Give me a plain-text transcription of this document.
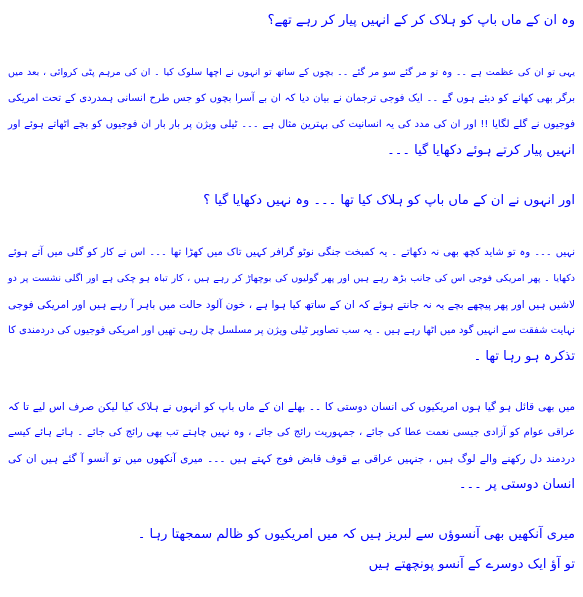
وہ ان کے ماں باپ کو ہلاک کر کے انہیں پیار کر رہے تھے؟
یہی تو ان کی عظمت ہے ۔۔ وہ تو مر گئے سو مر گئے ۔۔ بچوں کے ساتھ تو انہوں نے اچھا سلوک کیا ۔ ان کی مرہم پٹی کروائی ، بعد میں
برگر بھی کھانے کو دیئے ہوں گے ۔۔ ایک فوجی ترجمان نے بیان دیا کہ ان بے آسرا بچوں کو جس طرح انسانی ہمدردی کے تحت امریکی
فوجیوں نے گلے لگایا !! اور ان کی مدد کی یہ انسانیت کی بہترین مثال ہے ۔۔۔ ٹیلی ویژن پر بار بار ان فوجیوں کو بچے اٹھاتے ہوئے اور
انہیں پیار کرتے ہوئے دکھایا گیا ۔۔۔
اور انہوں نے ان کے ماں باپ کو ہلاک کیا تھا ۔۔۔ وہ نہیں دکھایا گیا ؟
نہیں ۔۔۔ وہ تو شاید کچھ بھی نہ دکھاتے ۔ یہ کمبخت جنگی نوٹو گرافر کہیں تاک میں کھڑا تھا ۔۔۔ اس نے کار کو گلی میں آتے ہوئے
دکھایا ۔ پھر امریکی فوجی اس کی جانب بڑھ رہے ہیں اور پھر گولیوں کی بوچھاڑ کر رہے ہیں ، کار تباہ ہو چکی ہے اور اگلی نشست پر دو
لاشیں ہیں اور پھر پیچھے بچے یہ نہ جانتے ہوئے کہ ان کے ساتھ کیا ہوا ہے ، خون آلود حالت میں باہر آ رہے ہیں اور امریکی فوجی
نہایت شفقت سے انہیں گود میں اٹھا رہے ہیں ۔ یہ سب تصاویر ٹیلی ویژن پر مسلسل چل رہی تھیں اور امریکی فوجیوں کی دردمندی کا
تذکرہ ہو رہا تھا ۔
میں بھی قائل ہو گیا ہوں امریکیوں کی انسان دوستی کا ۔۔ بھلے ان کے ماں باپ کو انہوں نے ہلاک کیا لیکن صرف اس لیے تا کہ
عراقی عوام کو آزادی جیسی نعمت عطا کی جائے ، جمہوریت رائج کی جائے ، وہ نہیں چاہتے تب بھی رائج کی جائے ۔ ہائے ہائے کیسے
دردمند دل رکھنے والے لوگ ہیں ، جنہیں عراقی بے قوف قابض فوج کہتے ہیں ۔۔۔ میری آنکھوں میں تو آنسو آ گئے ہیں ان کی
انسان دوستی پر ۔۔۔
میری آنکھیں بھی آنسوؤں سے لبریز ہیں کہ میں امریکیوں کو ظالم سمجھتا رہا ۔
تو آؤ ایک دوسرے کے آنسو پونچھتے ہیں
